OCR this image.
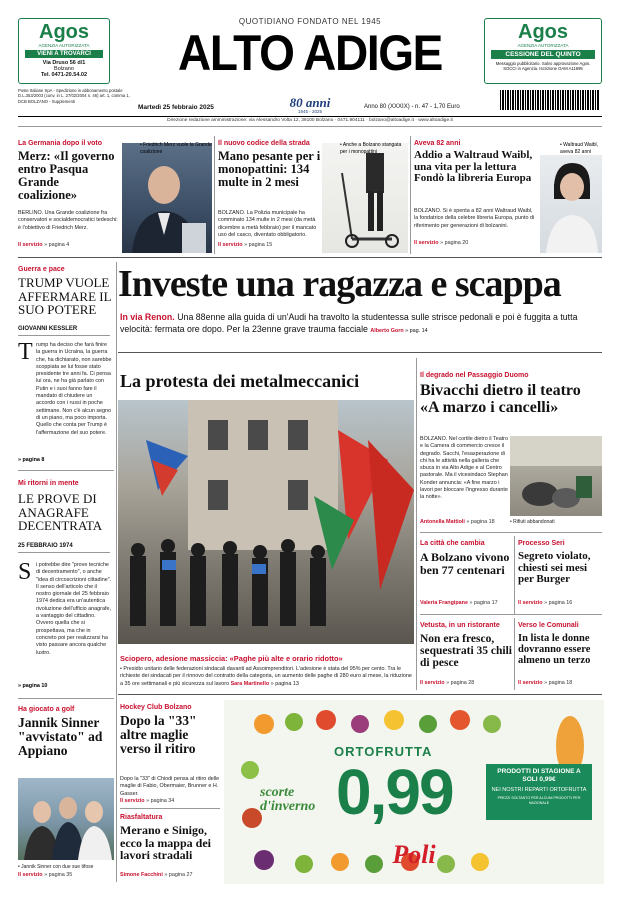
Agos
AGENZIA AUTORIZZATA
VIENI A TROVARCI
Via Druso 56 d/1
Bolzano
Tel. 0471-20.54.02
QUOTIDIANO FONDATO NEL 1945
ALTO ADIGE	Agos
AGENZIA AUTORIZZATA
CESSIONE DEL QUINTO
Messaggio pubblicitario. Salvo approvazione Agos. SOCCI in Agenzia. Iscrizione OAM A11695
Poste Italiane SpA - Spedizione in abbonamento postale D.L.353/2003 (conv. in L. 27/02/2004 n. 46) art. 1, comma 1, DCB BOLZANO - Supplementi
Martedì 25 febbraio 2025	80 anni
1945 - 2025
Anno 80 (XXXIX) - n. 47 - 1,70 Euro
Direzione redazione amministrazione: via Alessandro Volta 12, 39100 Bolzano · 0471.904111 · bolzano@altoadige.it · www.altoadige.it
La Germania dopo il voto
Merz: «Il governo entro Pasqua Grande coalizione»
• Friedrich Merz vuole la Grande coalizione
BERLINO. Una Grande coalizione fra conservatori e socialdemocratici tedeschi: è l'obiettivo di Friedrich Merz.
Il servizio » pagina 4
Il nuovo codice della strada
Mano pesante per i monopattini: 134 multe in 2 mesi
• Anche a Bolzano stangata per i monopattini
BOLZANO. La Polizia municipale ha comminato 134 multe in 2 mesi (da metà dicembre a metà febbraio) per il mancato uso del casco, diventato obbligatorio.
Il servizio » pagina 15
Aveva 82 anni
Addio a Waltraud Waibl, una vita per la lettura Fondò la libreria Europa
• Waltraud Waibl, aveva 82 anni
BOLZANO. Si è spenta a 82 anni Waltraud Waibl, la fondatrice della celebre libreria Europa, punto di riferimento per generazioni di bolzanini.
Il servizio » pagina 20
Guerra e pace
TRUMP VUOLE AFFERMARE IL SUO POTERE
GIOVANNI KESSLER
T rump ha deciso che farà finire la guerra in Ucraina, la guerra che, ha dichiarato, non sarebbe scoppiata se lui fosse stato presidente tre anni fa. Ci pensa lui ora, ne ha già parlato con Putin e i suoi fanno fare il mandato di chiudere un accordo con i russi in poche settimane. Non c'è alcun segno di un piano, ma poco importa. Quello che conta per Trump è l'affermazione del suo potere.
» pagina 8
Mi ritorni in mente
LE PROVE DI ANAGRAFE DECENTRATA
25 FEBBRAIO 1974
S i potrebbe dire "prove tecniche di decentramento", o anche "idea di circoscrizioni cittadine". Il senso dell'articolo che il nostro giornale del 25 febbraio 1974 dedica era un'autentica rivoluzione dell'ufficio anagrafe, a vantaggio del cittadino. Ovvero quella che si prospettava, ma che in concreto poi per realizzarsi ha visto passare ancora qualche lustro.
» pagina 10
Ha giocato a golf
Jannik Sinner "avvistato" ad Appiano
• Jannik Sinner con due sue tifose
Il servizio » pagina 35
Investe una ragazza e scappa
In via Renon. Una 88enne alla guida di un'Audi ha travolto la studentessa sulle strisce pedonali e poi è fuggita a tutta velocità: fermata ore dopo. Per la 23enne grave trauma facciale Alberto Gorn » pag. 14
La protesta dei metalmeccanici
Sciopero, adesione massiccia: «Paghe più alte e orario ridotto»
• Presidio unitario delle federazioni sindacali davanti ad Assoimprenditori. L'adesione è stata del 95% per cento. Tra le richieste dei sindacati per il rinnovo del contratto della categoria, un aumento delle paghe di 280 euro al mese, la riduzione a 35 ore settimanali e più sicurezza sul lavoro Sara Martinello » pagina 13
Il degrado nel Passaggio Duomo
Bivacchi dietro il teatro «A marzo i cancelli»
BOLZANO. Nel cortile dietro il Teatro e la Camera di commercio cresce il degrado. Sacchi, l'esasperazione di chi ha le attività nella galleria che sbuca in via Alto Adige e al Centro pastorale. Ma il vicesindaco Stephan Konder annuncia: «A fine marzo i lavori per bloccare l'ingresso durante la notte».
• Rifiuti abbandonati
Antonella Mattioli » pagina 18
La città che cambia
A Bolzano vivono ben 77 centenari
Valeria Frangipane » pagina 17
Processo Seri
Segreto violato, chiesti sei mesi per Burger
Il servizio » pagina 16
Vetusta, in un ristorante
Non era fresco, sequestrati 35 chili di pesce
Il servizio » pagina 28
Verso le Comunali
In lista le donne dovranno essere almeno un terzo
Il servizio » pagina 18
Hockey Club Bolzano
Dopo la "33" altre maglie verso il ritiro
Dopo la "33" di Chiodi pensa al ritiro delle maglie di Fabio, Obermaier, Brunner e H. Gasser.
Il servizio » pagina 34
Riasfaltatura
Merano e Sinigo, ecco la mappa dei lavori stradali
Simone Facchini » pagina 27
ORTOFRUTTA
scorte d'inverno 0,99	PRODOTTI DI STAGIONE A SOLI 0,99€
NEI NOSTRI REPARTI ORTOFRUTTA
PREZZI SOLTANTO PER ALCUNI PRODOTTI PER NAZIONALE
Poli
